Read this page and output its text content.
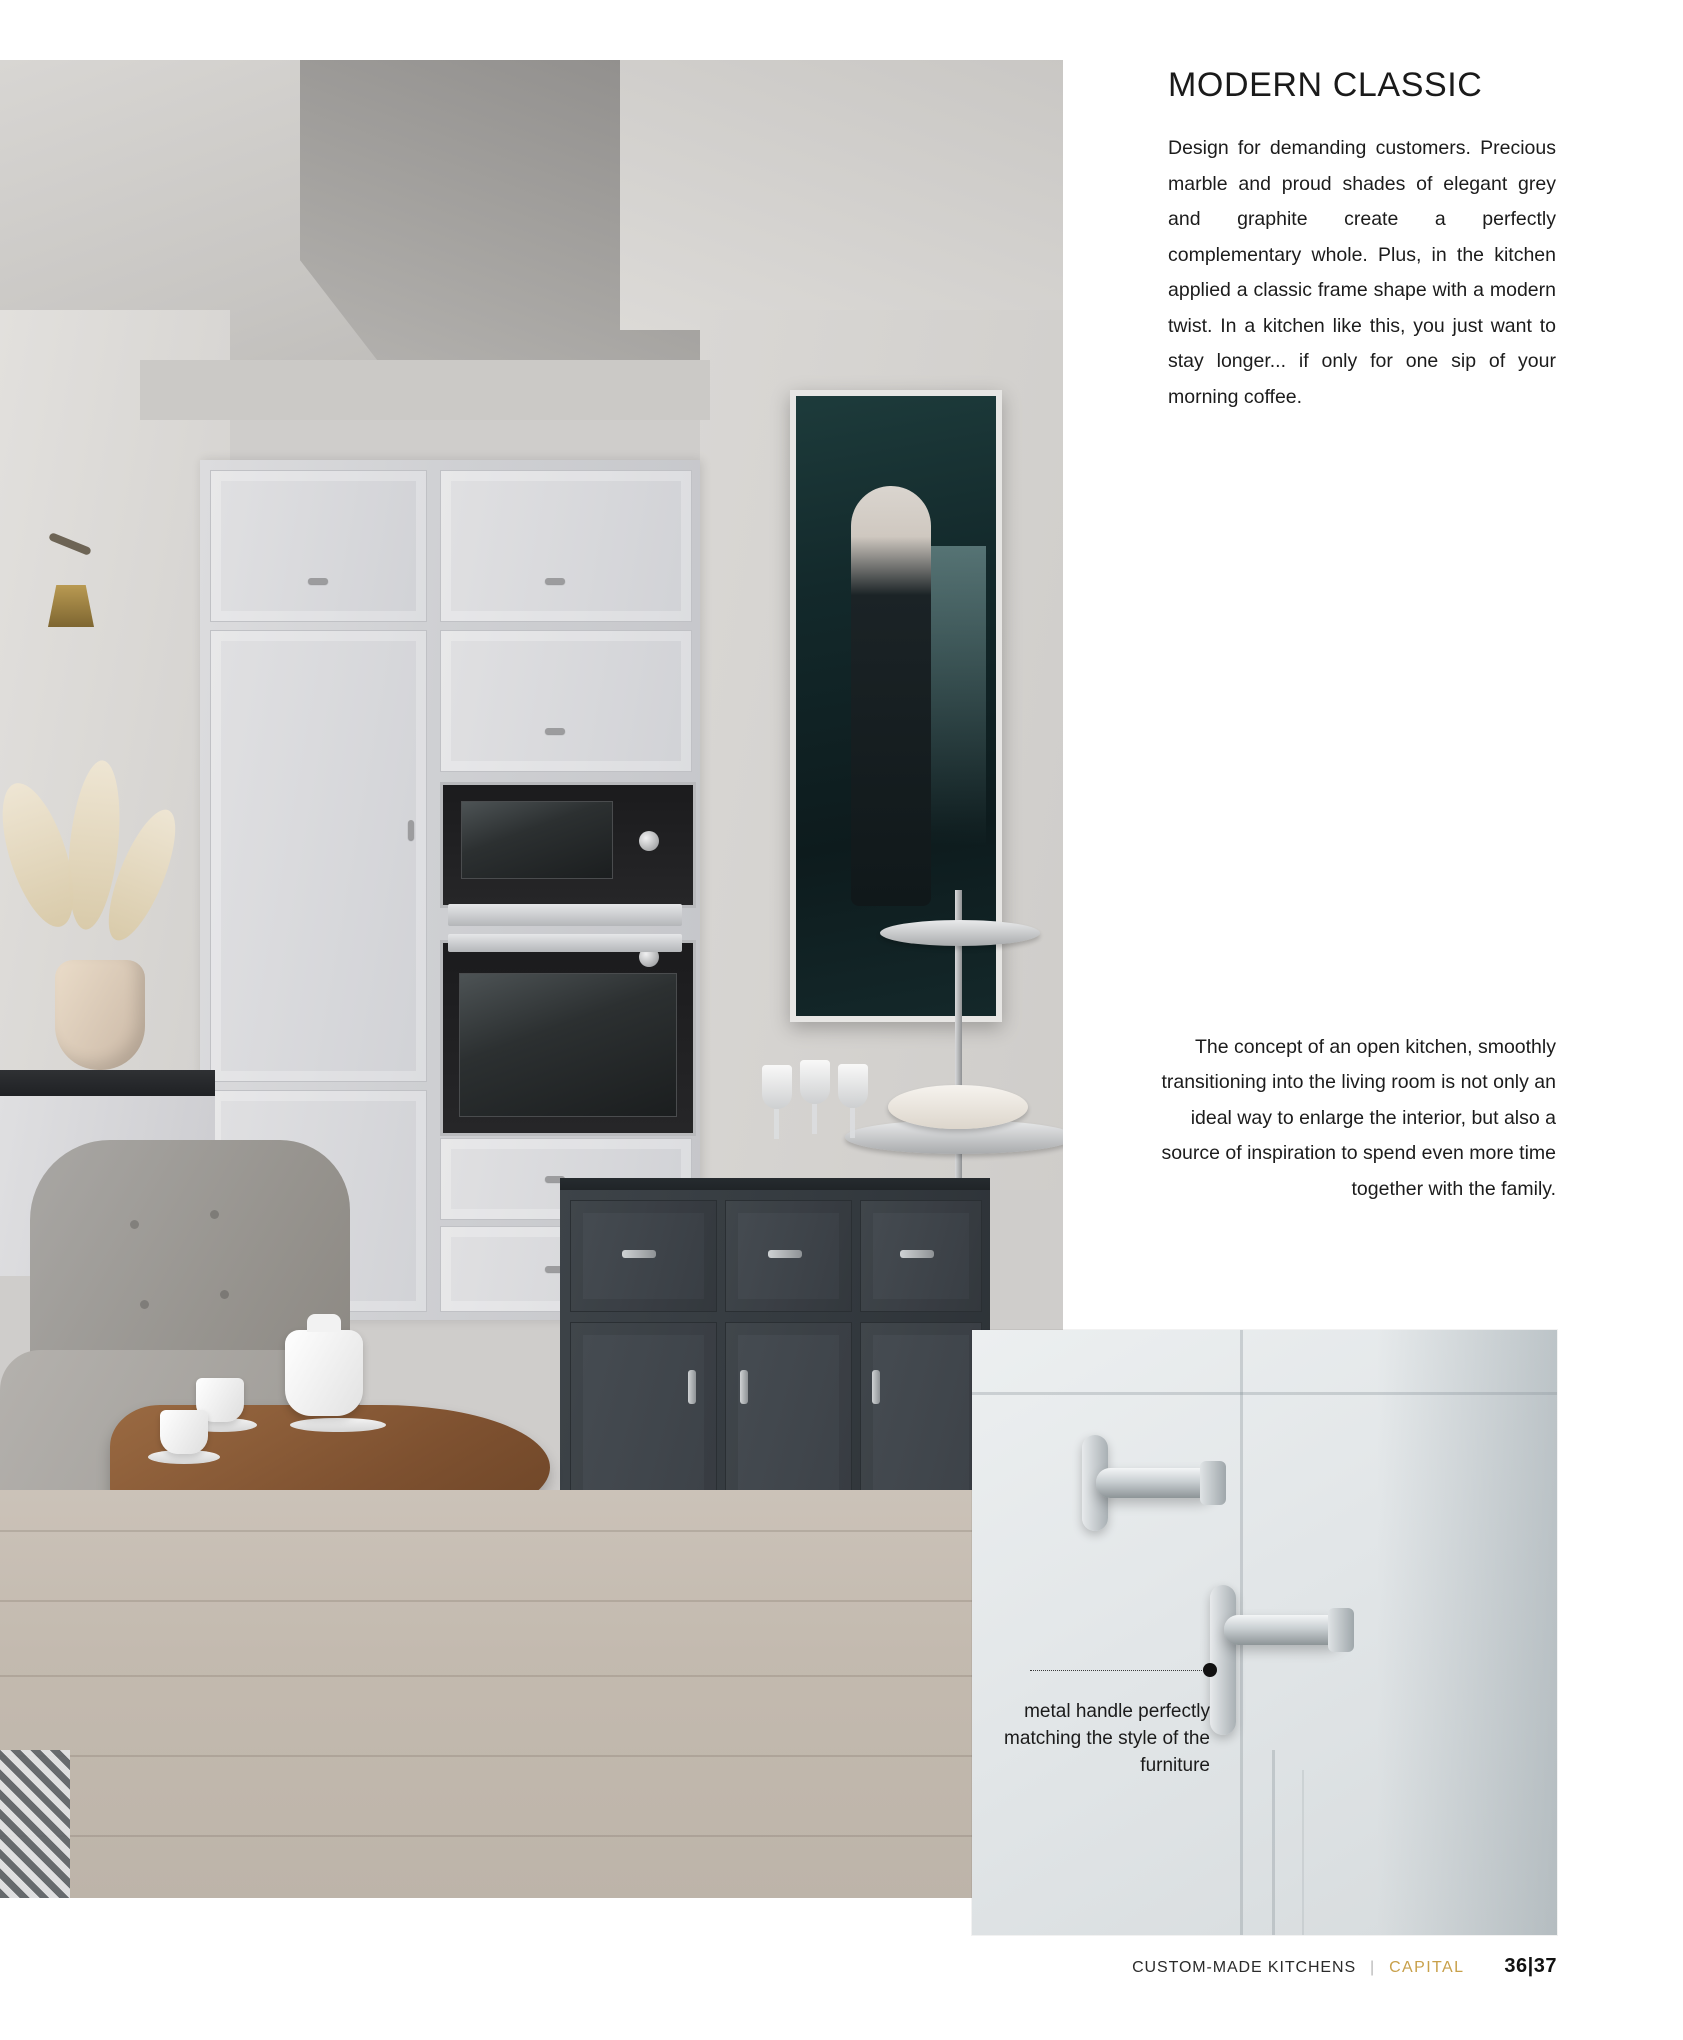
MODERN CLASSIC

Design for demanding customers. Precious marble and proud shades of elegant grey and graphite create a perfectly complementary whole. Plus, in the kitchen applied a classic frame shape with a modern twist. In a kitchen like this, you just want to stay longer... if only for one sip of your morning coffee.

The concept of an open kitchen, smoothly transitioning into the living room is not only an ideal way to enlarge the interior, but also a source of inspiration to spend even more time together with the family.

metal handle perfectly matching the style of the furniture
CUSTOM-MADE KITCHENS | CAPITAL 36|37
